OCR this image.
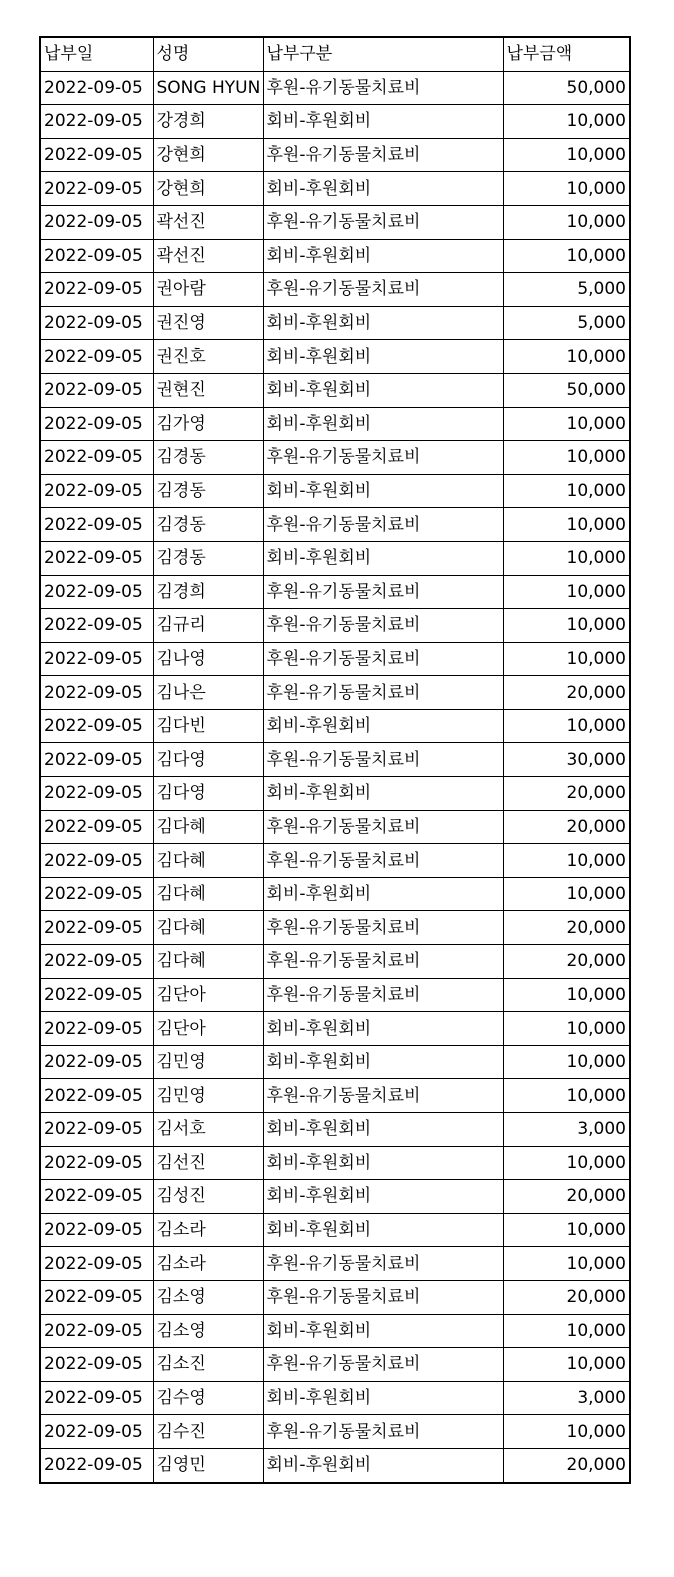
납부일	성명	납부구분	납부금액
2022-09-05	SONG HYUN	후원-유기동물치료비	50,000
2022-09-05	강경희	회비-후원회비	10,000
2022-09-05	강현희	후원-유기동물치료비	10,000
2022-09-05	강현희	회비-후원회비	10,000
2022-09-05	곽선진	후원-유기동물치료비	10,000
2022-09-05	곽선진	회비-후원회비	10,000
2022-09-05	권아람	후원-유기동물치료비	5,000
2022-09-05	권진영	회비-후원회비	5,000
2022-09-05	권진호	회비-후원회비	10,000
2022-09-05	권현진	회비-후원회비	50,000
2022-09-05	김가영	회비-후원회비	10,000
2022-09-05	김경동	후원-유기동물치료비	10,000
2022-09-05	김경동	회비-후원회비	10,000
2022-09-05	김경동	후원-유기동물치료비	10,000
2022-09-05	김경동	회비-후원회비	10,000
2022-09-05	김경희	후원-유기동물치료비	10,000
2022-09-05	김규리	후원-유기동물치료비	10,000
2022-09-05	김나영	후원-유기동물치료비	10,000
2022-09-05	김나은	후원-유기동물치료비	20,000
2022-09-05	김다빈	회비-후원회비	10,000
2022-09-05	김다영	후원-유기동물치료비	30,000
2022-09-05	김다영	회비-후원회비	20,000
2022-09-05	김다혜	후원-유기동물치료비	20,000
2022-09-05	김다혜	후원-유기동물치료비	10,000
2022-09-05	김다혜	회비-후원회비	10,000
2022-09-05	김다혜	후원-유기동물치료비	20,000
2022-09-05	김다혜	후원-유기동물치료비	20,000
2022-09-05	김단아	후원-유기동물치료비	10,000
2022-09-05	김단아	회비-후원회비	10,000
2022-09-05	김민영	회비-후원회비	10,000
2022-09-05	김민영	후원-유기동물치료비	10,000
2022-09-05	김서호	회비-후원회비	3,000
2022-09-05	김선진	회비-후원회비	10,000
2022-09-05	김성진	회비-후원회비	20,000
2022-09-05	김소라	회비-후원회비	10,000
2022-09-05	김소라	후원-유기동물치료비	10,000
2022-09-05	김소영	후원-유기동물치료비	20,000
2022-09-05	김소영	회비-후원회비	10,000
2022-09-05	김소진	후원-유기동물치료비	10,000
2022-09-05	김수영	회비-후원회비	3,000
2022-09-05	김수진	후원-유기동물치료비	10,000
2022-09-05	김영민	회비-후원회비	20,000
